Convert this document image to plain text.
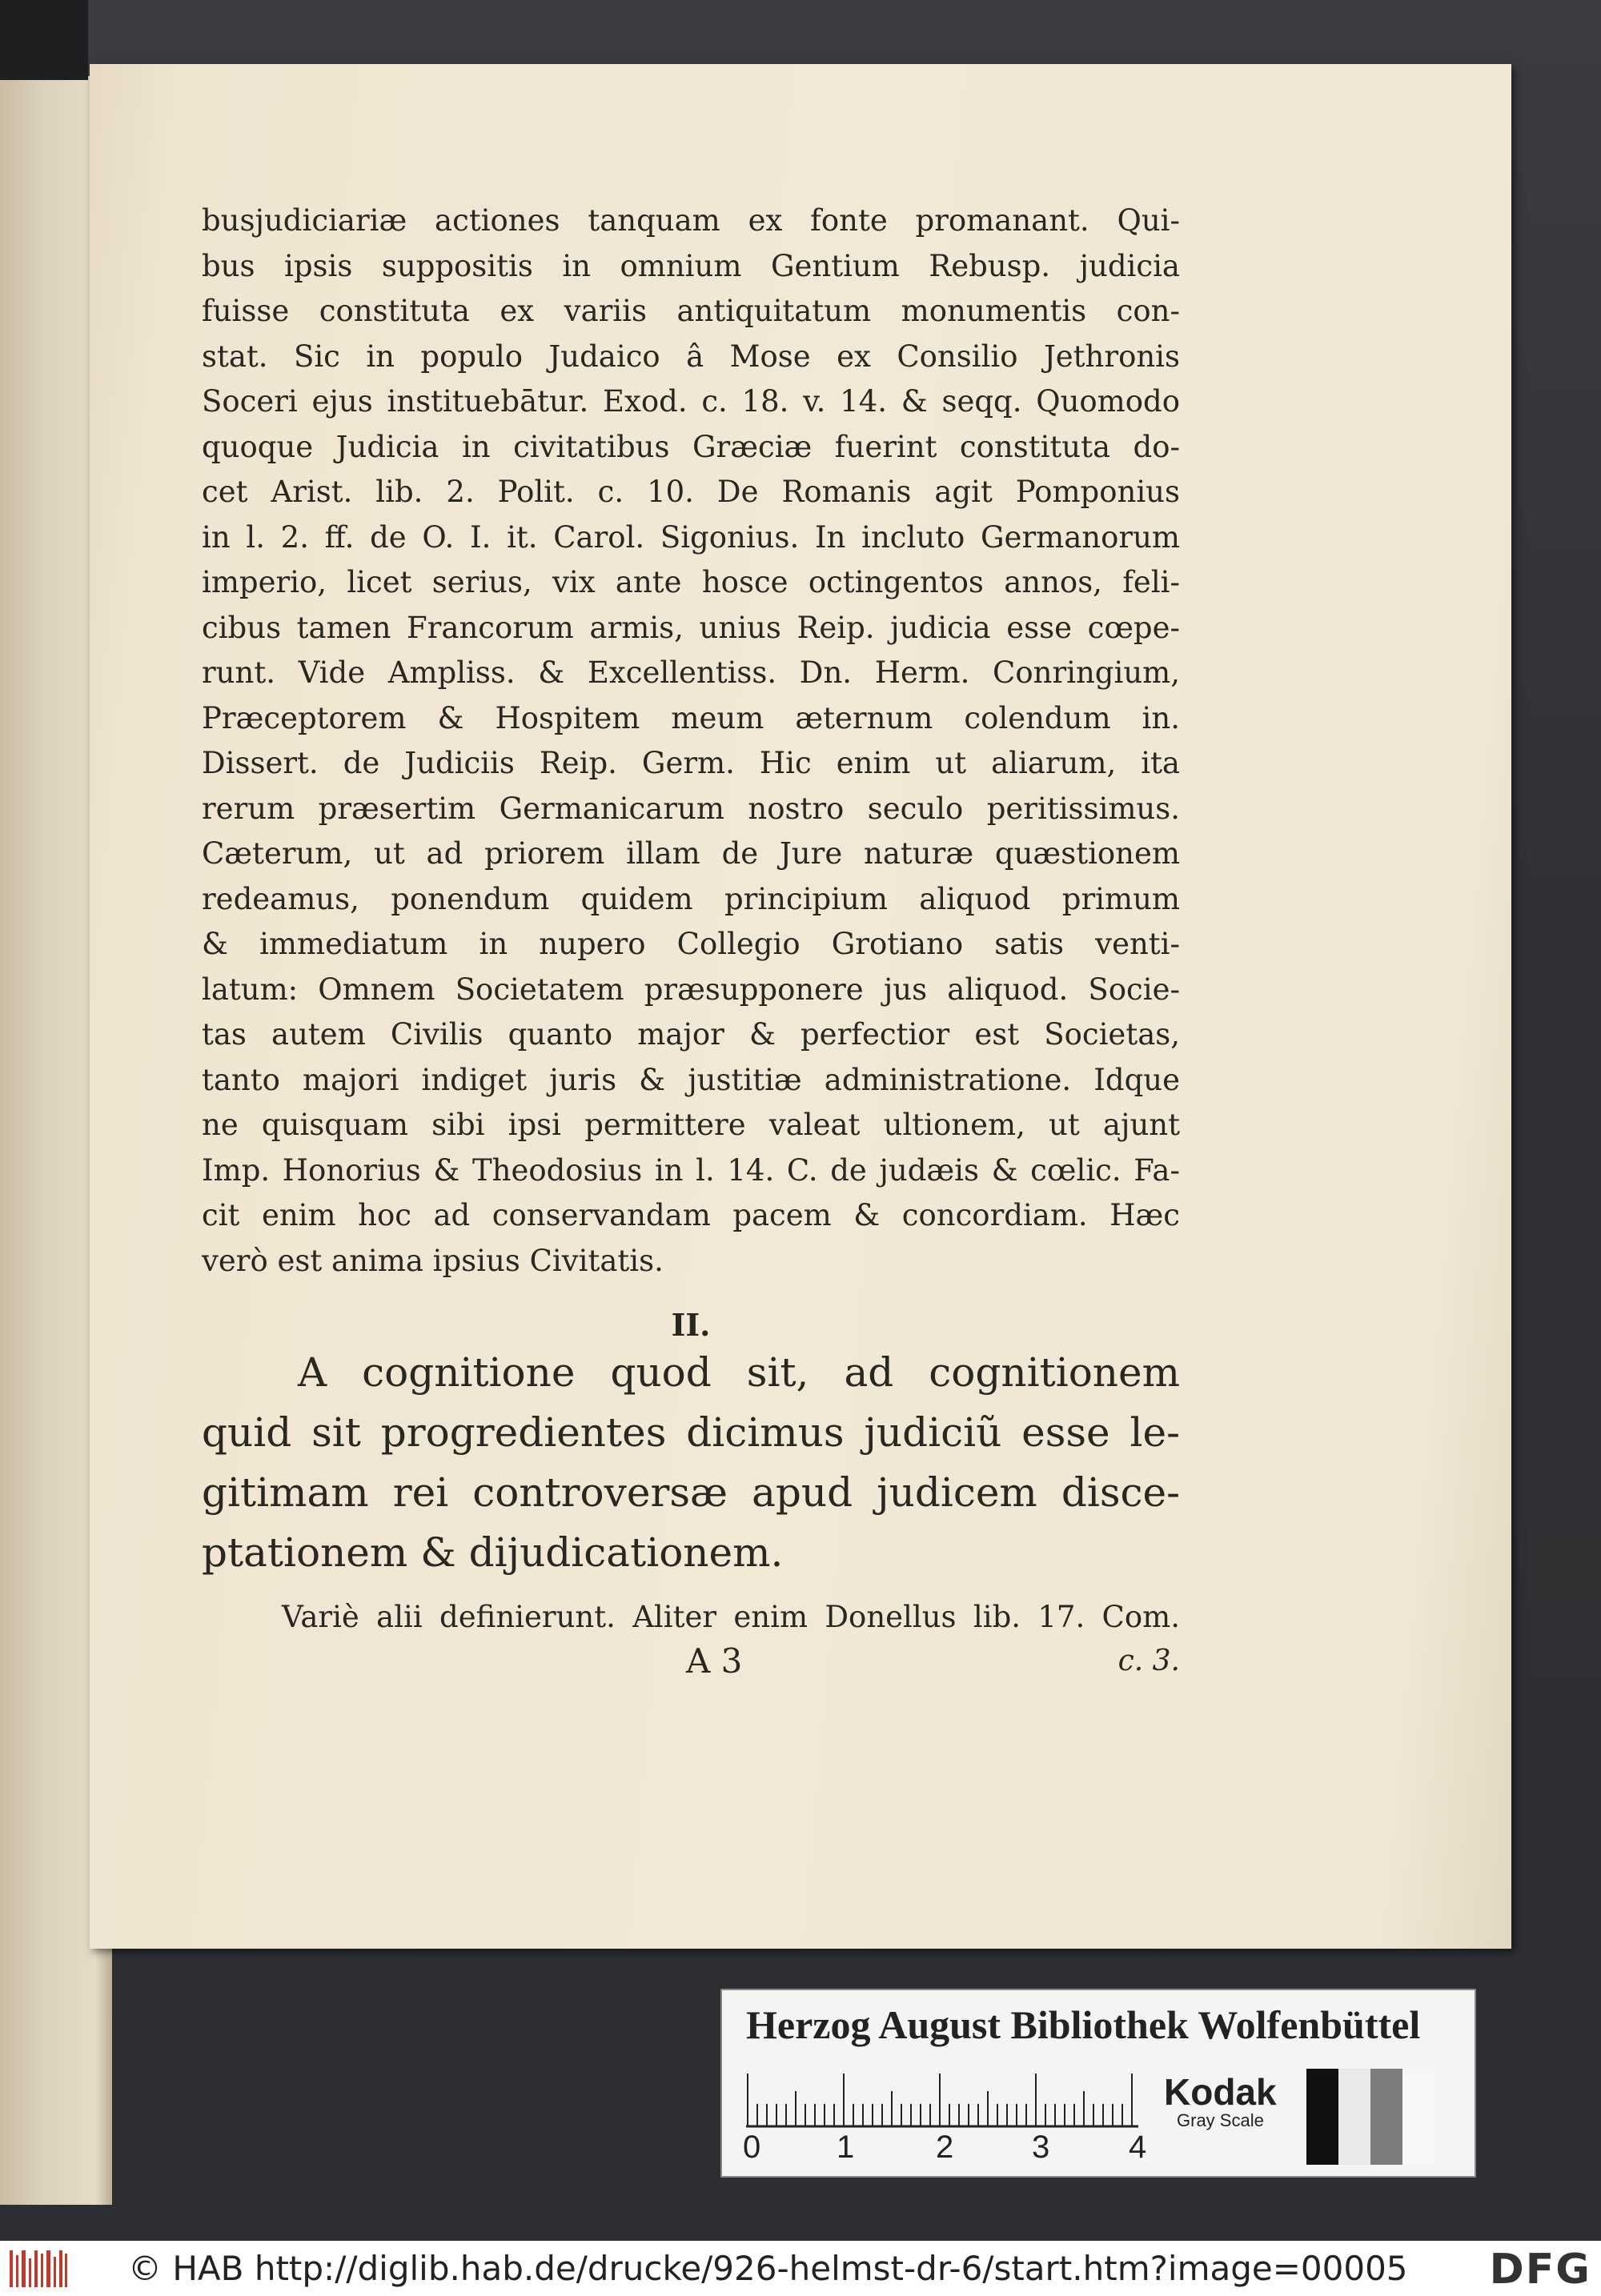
busjudiciariæ actiones tanquam ex fonte promanant. Qui-
bus ipsis suppositis in omnium Gentium Rebusp. judicia
fuisse constituta ex variis antiquitatum monumentis con-
stat. Sic in populo Judaico â Mose ex Consilio Jethronis
Soceri ejus instituebātur. Exod. c. 18. v. 14. & seqq. Quomodo
quoque Judicia in civitatibus Græciæ fuerint constituta do-
cet Arist. lib. 2. Polit. c. 10. De Romanis agit Pomponius
in l. 2. ff. de O. I. it. Carol. Sigonius. In incluto Germanorum
imperio, licet serius, vix ante hosce octingentos annos, feli-
cibus tamen Francorum armis, unius Reip. judicia esse cœpe-
runt. Vide Ampliss. & Excellentiss. Dn. Herm. Conringium,
Præceptorem & Hospitem meum æternum colendum in.
Dissert. de Judiciis Reip. Germ. Hic enim ut aliarum, ita
rerum præsertim Germanicarum nostro seculo peritissimus.
Cæterum, ut ad priorem illam de Jure naturæ quæstionem
redeamus, ponendum quidem principium aliquod primum
& immediatum in nupero Collegio Grotiano satis venti-
latum: Omnem Societatem præsupponere jus aliquod. Socie-
tas autem Civilis quanto major & perfectior est Societas,
tanto majori indiget juris & justitiæ administratione. Idque
ne quisquam sibi ipsi permittere valeat ultionem, ut ajunt
Imp. Honorius & Theodosius in l. 14. C. de judæis & cœlic. Fa-
cit enim hoc ad conservandam pacem & concordiam. Hæc
verò est anima ipsius Civitatis.
II.
A cognitione quod sit, ad cognitionem
quid sit progredientes dicimus judiciũ esse le-
gitimam rei controversæ apud judicem disce-
ptationem & dijudicationem.
Variè alii definierunt. Aliter enim Donellus lib. 17. Com.
A 3	c. 3.
Herzog August Bibliothek Wolfenbüttel
0 1	2 3 4
Kodak
Gray Scale
© HAB http://diglib.hab.de/drucke/926-helmst-dr-6/start.htm?image=00005 DFG
